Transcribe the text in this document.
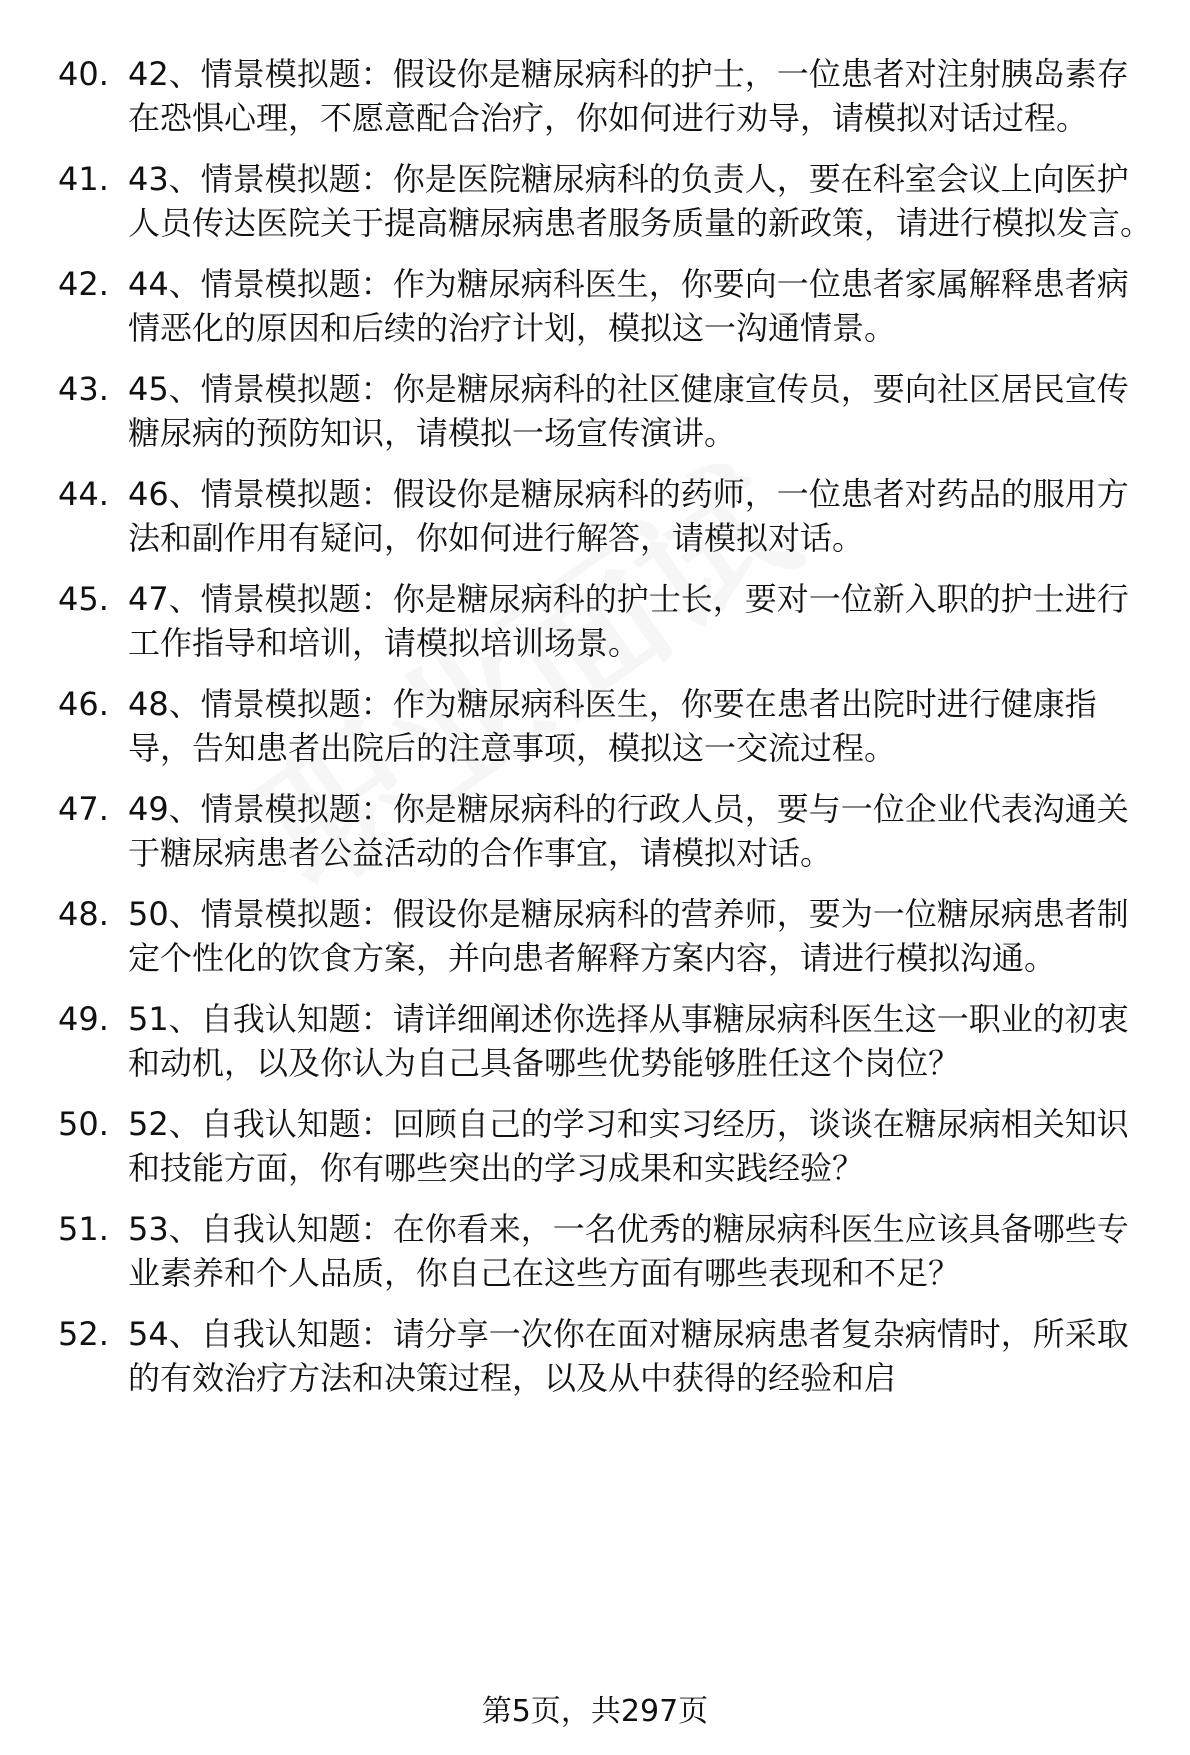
40. 42、情景模拟题：假设你是糖尿病科的护士，一位患者对注射胰岛素存在恐惧心理，不愿意配合治疗，你如何进行劝导，请模拟对话过程。
41. 43、情景模拟题：你是医院糖尿病科的负责人，要在科室会议上向医护人员传达医院关于提高糖尿病患者服务质量的新政策，请进行模拟发言。
42. 44、情景模拟题：作为糖尿病科医生，你要向一位患者家属解释患者病情恶化的原因和后续的治疗计划，模拟这一沟通情景。
43. 45、情景模拟题：你是糖尿病科的社区健康宣传员，要向社区居民宣传糖尿病的预防知识，请模拟一场宣传演讲。
44. 46、情景模拟题：假设你是糖尿病科的药师，一位患者对药品的服用方法和副作用有疑问，你如何进行解答，请模拟对话。
45. 47、情景模拟题：你是糖尿病科的护士长，要对一位新入职的护士进行工作指导和培训，请模拟培训场景。
46. 48、情景模拟题：作为糖尿病科医生，你要在患者出院时进行健康指导，告知患者出院后的注意事项，模拟这一交流过程。
47. 49、情景模拟题：你是糖尿病科的行政人员，要与一位企业代表沟通关于糖尿病患者公益活动的合作事宜，请模拟对话。
48. 50、情景模拟题：假设你是糖尿病科的营养师，要为一位糖尿病患者制定个性化的饮食方案，并向患者解释方案内容，请进行模拟沟通。
49. 51、自我认知题：请详细阐述你选择从事糖尿病科医生这一职业的初衷和动机，以及你认为自己具备哪些优势能够胜任这个岗位？
50. 52、自我认知题：回顾自己的学习和实习经历，谈谈在糖尿病相关知识和技能方面，你有哪些突出的学习成果和实践经验？
51. 53、自我认知题：在你看来，一名优秀的糖尿病科医生应该具备哪些专业素养和个人品质，你自己在这些方面有哪些表现和不足？
52. 54、自我认知题：请分享一次你在面对糖尿病患者复杂病情时，所采取的有效治疗方法和决策过程，以及从中获得的经验和启
第5页，共297页
